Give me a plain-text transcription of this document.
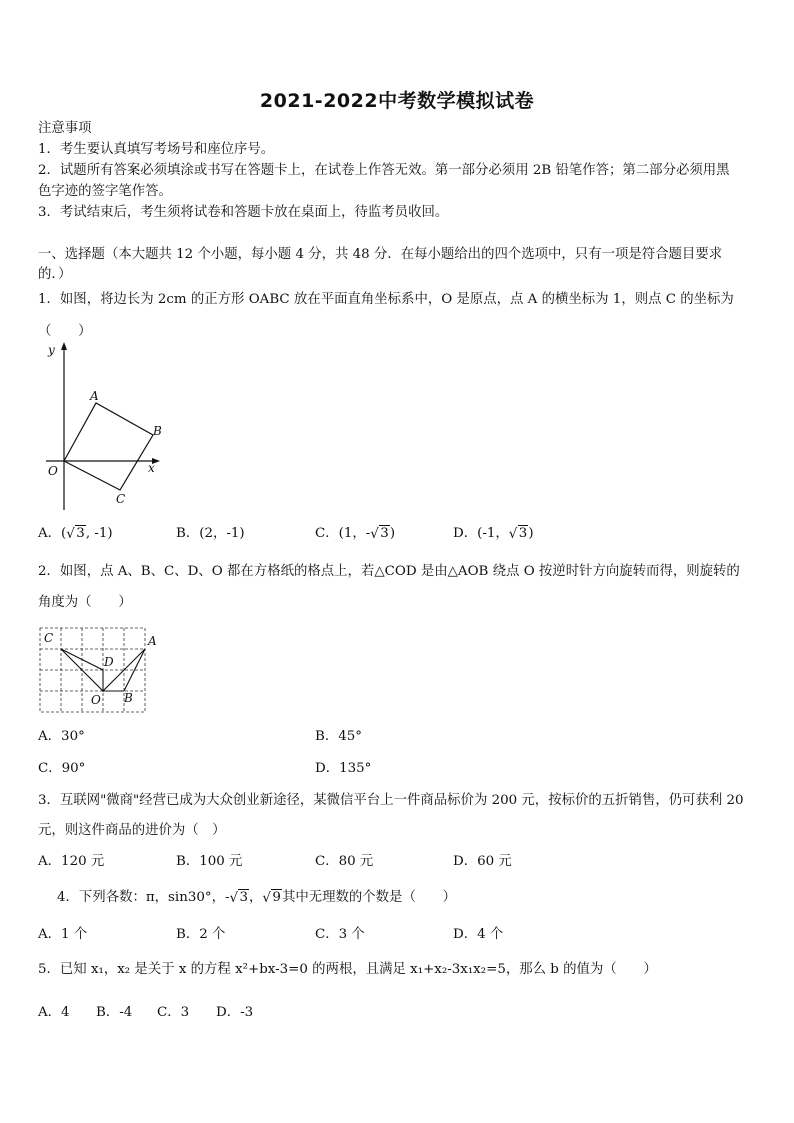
2021-2022中考数学模拟试卷
注意事项
1．考生要认真填写考场号和座位序号。
2．试题所有答案必须填涂或书写在答题卡上，在试卷上作答无效。第一部分必须用 2B 铅笔作答；第二部分必须用黑
色字迹的签字笔作答。
3．考试结束后，考生须将试卷和答题卡放在桌面上，待监考员收回。
一、选择题（本大题共 12 个小题，每小题 4 分，共 48 分．在每小题给出的四个选项中，只有一项是符合题目要求
的．）
1．如图，将边长为 2cm 的正方形 OABC 放在平面直角坐标系中，O 是原点，点 A 的横坐标为 1，则点 C 的坐标为
（　　）
y
x
O
A
B
C
A．( √ 3, -1)	B．(2，-1)	C．(1，- √ 3)	D．(-1， √ 3)
2．如图，点 A、B、C、D、O 都在方格纸的格点上，若△COD 是由△AOB 绕点 O 按逆时针方向旋转而得，则旋转的
角度为（　　）
C	A
D
O B
A．30°	B．45°
C．90°	D．135°
3．互联网"微商"经营已成为大众创业新途径，某微信平台上一件商品标价为 200 元，按标价的五折销售，仍可获利 20
元，则这件商品的进价为（　）
A．120 元	B．100 元	C．80 元	D．60 元
4．下列各数：π，sin30°，- √ 3， √ 9其中无理数的个数是（　　）
A．1 个	B．2 个	C．3 个	D．4 个
5．已知 x₁，x₂ 是关于 x 的方程 x²+bx-3=0 的两根，且满足 x₁+x₂-3x₁x₂=5，那么 b 的值为（　　）
A．4 B．-4 C．3 D．-3
